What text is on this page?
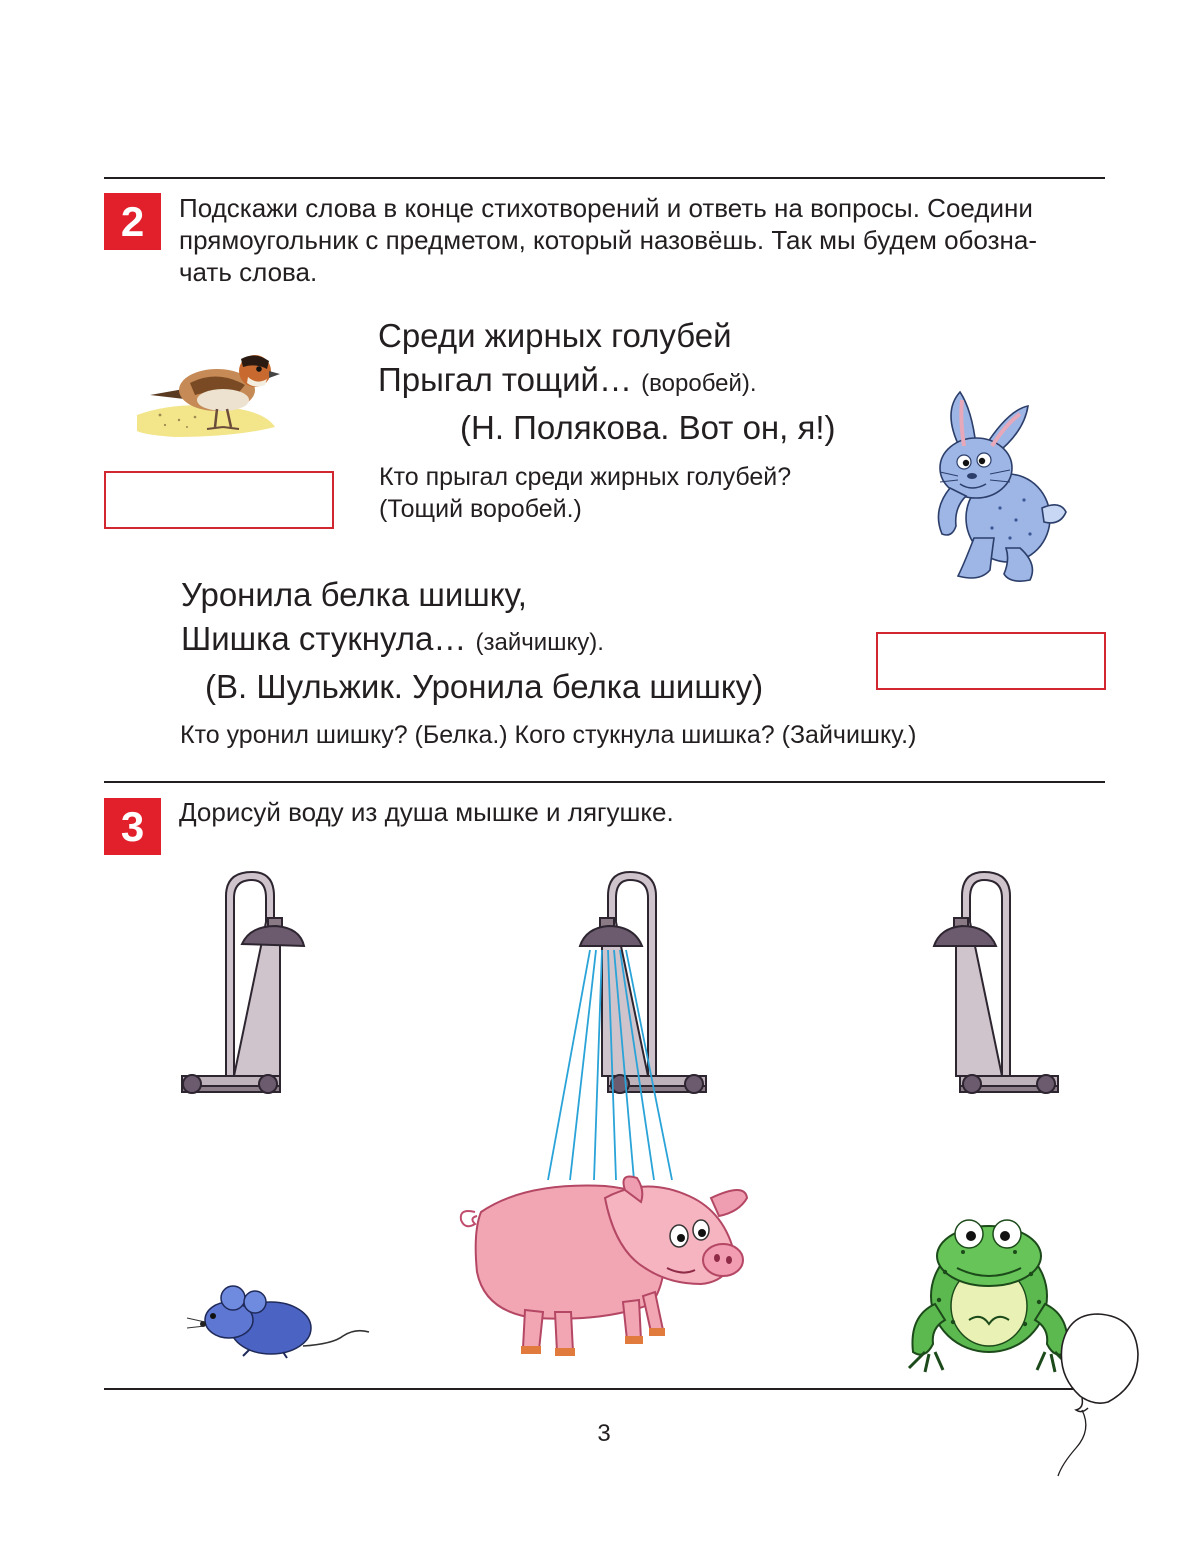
2	Подскажи слова в конце стихотворений и ответь на вопросы. Соедини
прямоугольник с предметом, который назовёшь. Так мы будем обозна-
чать слова.
Среди жирных голубей
Прыгал тощий… (воробей).
(Н. Полякова. Вот он, я!)
Кто прыгал среди жирных голубей?
(Тощий воробей.)
Уронила белка шишку,
Шишка стукнула… (зайчишку).
(В. Шульжик. Уронила белка шишку)
Кто уронил шишку? (Белка.) Кого стукнула шишка? (Зайчишку.)
3	Дорисуй воду из душа мышке и лягушке.
3
